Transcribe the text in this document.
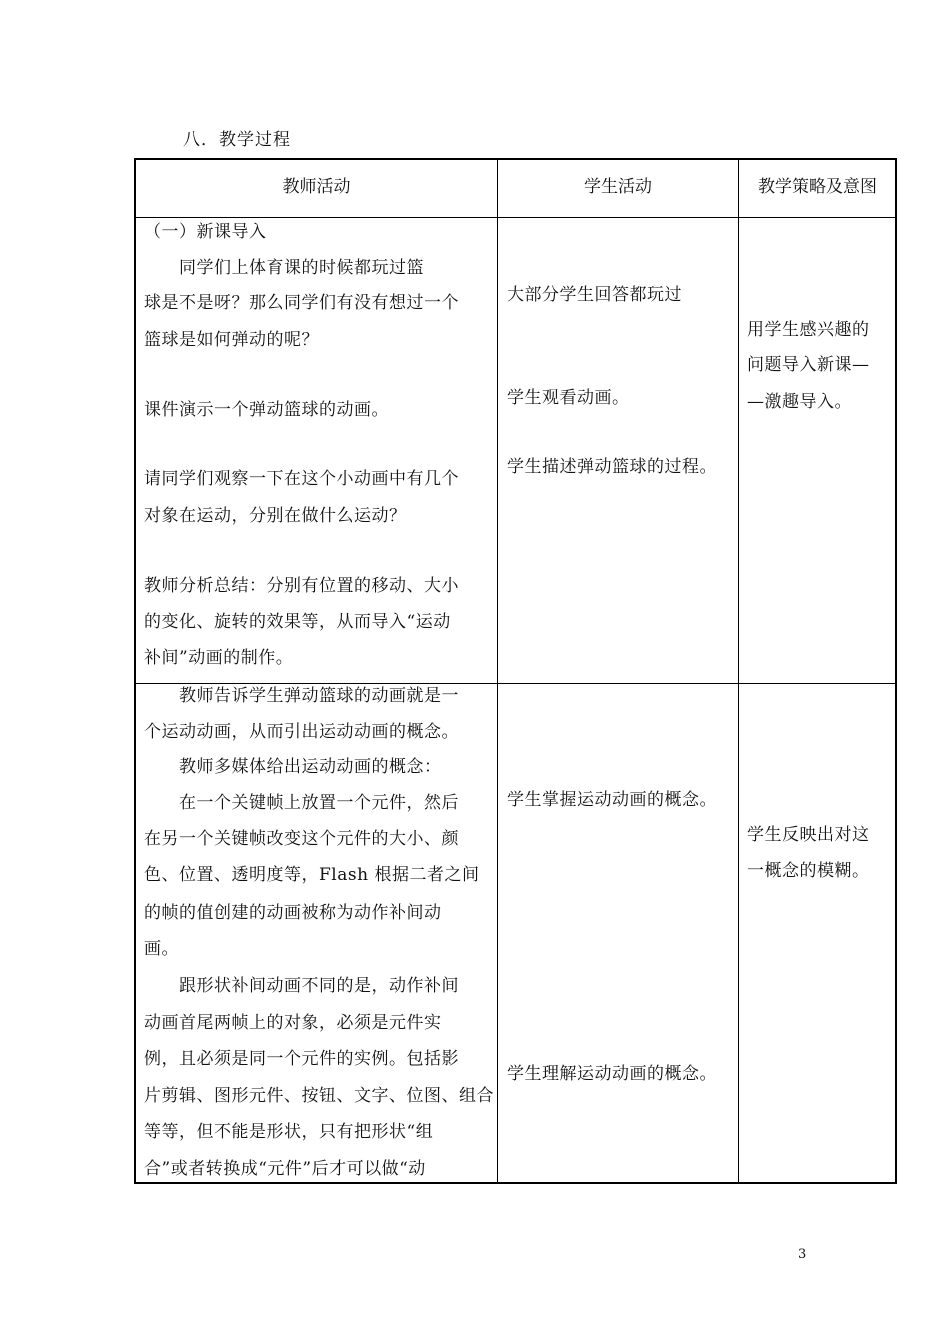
八．教学过程
教师活动	学生活动	教学策略及意图
（一）新课导入
　　同学们上体育课的时候都玩过篮
球是不是呀？那么同学们有没有想过一个
篮球是如何弹动的呢？
课件演示一个弹动篮球的动画。
请同学们观察一下在这个小动画中有几个
对象在运动，分别在做什么运动？
教师分析总结：分别有位置的移动、大小
的变化、旋转的效果等，从而导入“运动
补间”动画的制作。
大部分学生回答都玩过
学生观看动画。
学生描述弹动篮球的过程。
用学生感兴趣的
问题导入新课—
—激趣导入。
　　教师告诉学生弹动篮球的动画就是一
个运动动画，从而引出运动动画的概念。
　　教师多媒体给出运动动画的概念：
　　在一个关键帧上放置一个元件，然后
在另一个关键帧改变这个元件的大小、颜
色、位置、透明度等，Flash 根据二者之间
的帧的值创建的动画被称为动作补间动
画。
　　跟形状补间动画不同的是，动作补间
动画首尾两帧上的对象，必须是元件实
例，且必须是同一个元件的实例。包括影
片剪辑、图形元件、按钮、文字、位图、组合
等等，但不能是形状，只有把形状“组
合”或者转换成“元件”后才可以做“动
学生掌握运动动画的概念。
学生理解运动动画的概念。
学生反映出对这
一概念的模糊。
3
